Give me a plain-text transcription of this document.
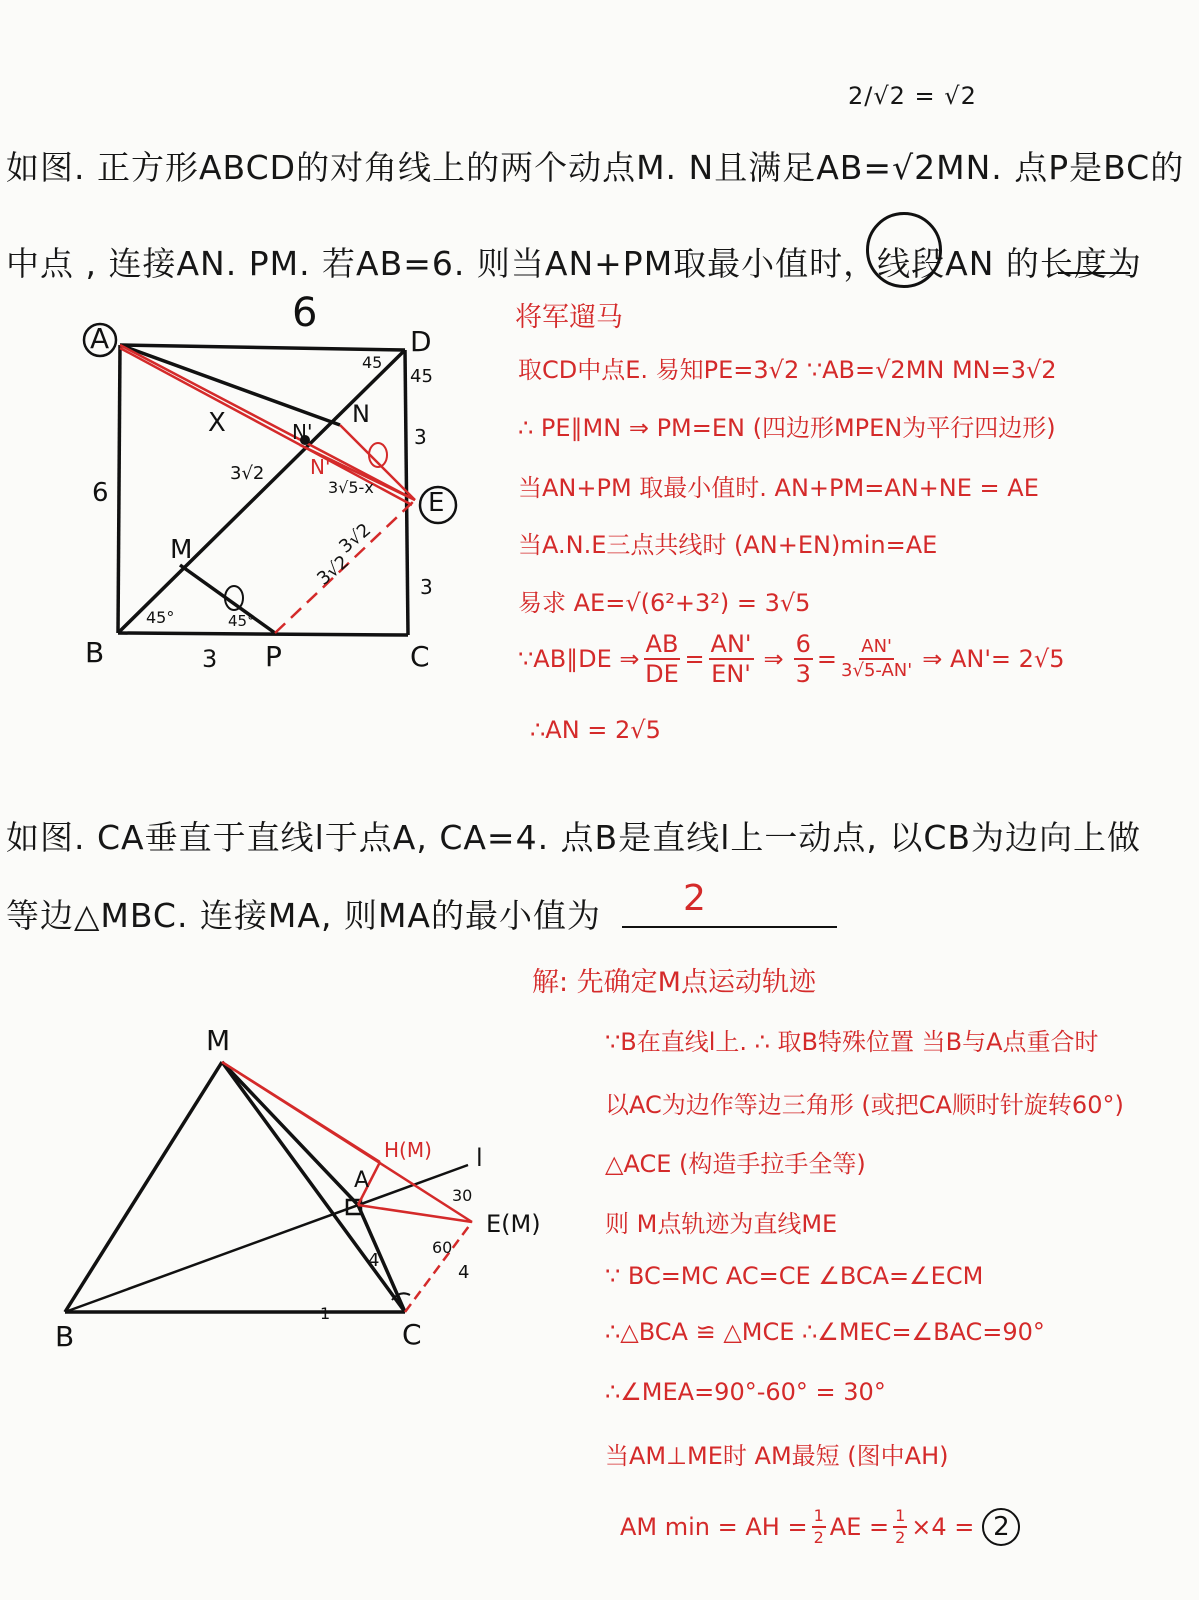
2/√2 = √2
如图. 正方形ABCD的对角线上的两个动点M. N且满足AB=√2MN. 点P是BC的
中点 , 连接AN. PM. 若AB=6. 则当AN+PM取最小值时，线段AN 的长度为
A	D
B	C
M
N
P
E
6
6
3
45°	45°
45
45
3
3
X	N'
N'
3√2
3√5-x
3√2
3√2
将军遛马
取CD中点E. 易知PE=3√2 ∵AB=√2MN MN=3√2
∴ PE∥MN ⇒ PM=EN (四边形MPEN为平行四边形)
当AN+PM 取最小值时. AN+PM=AN+NE = AE
当A.N.E三点共线时 (AN+EN)min=AE
易求 AE=√(6²+3²) = 3√5
∵AB∥DE ⇒ $\frac{AB}{DE} = \frac{AN'}{EN'}$ ⇒ $\frac{6}{3} = \frac{AN'}{3√5-AN'}$ ⇒ AN'= 2√5
∴AN = 2√5
如图. CA垂直于直线l于点A, CA=4. 点B是直线l上一动点, 以CB为边向上做
等边△MBC. 连接MA, 则MA的最小值为 2
M
B	C
A
l
H(M)
E(M)
4
4
60
30
1
解: 先确定M点运动轨迹
∵B在直线l上. ∴ 取B特殊位置 当B与A点重合时
以AC为边作等边三角形 (或把CA顺时针旋转60°)
△ACE (构造手拉手全等)
则 M点轨迹为直线ME
∵ BC=MC AC=CE ∠BCA=∠ECM
∴△BCA ≌ △MCE ∴∠MEC=∠BAC=90°
∴∠MEA=90°-60° = 30°
当AM⊥ME时 AM最短 (图中AH)
AM min = AH = $\frac{1}{2}$ AE = $\frac{1}{2} \times 4 = 2$
